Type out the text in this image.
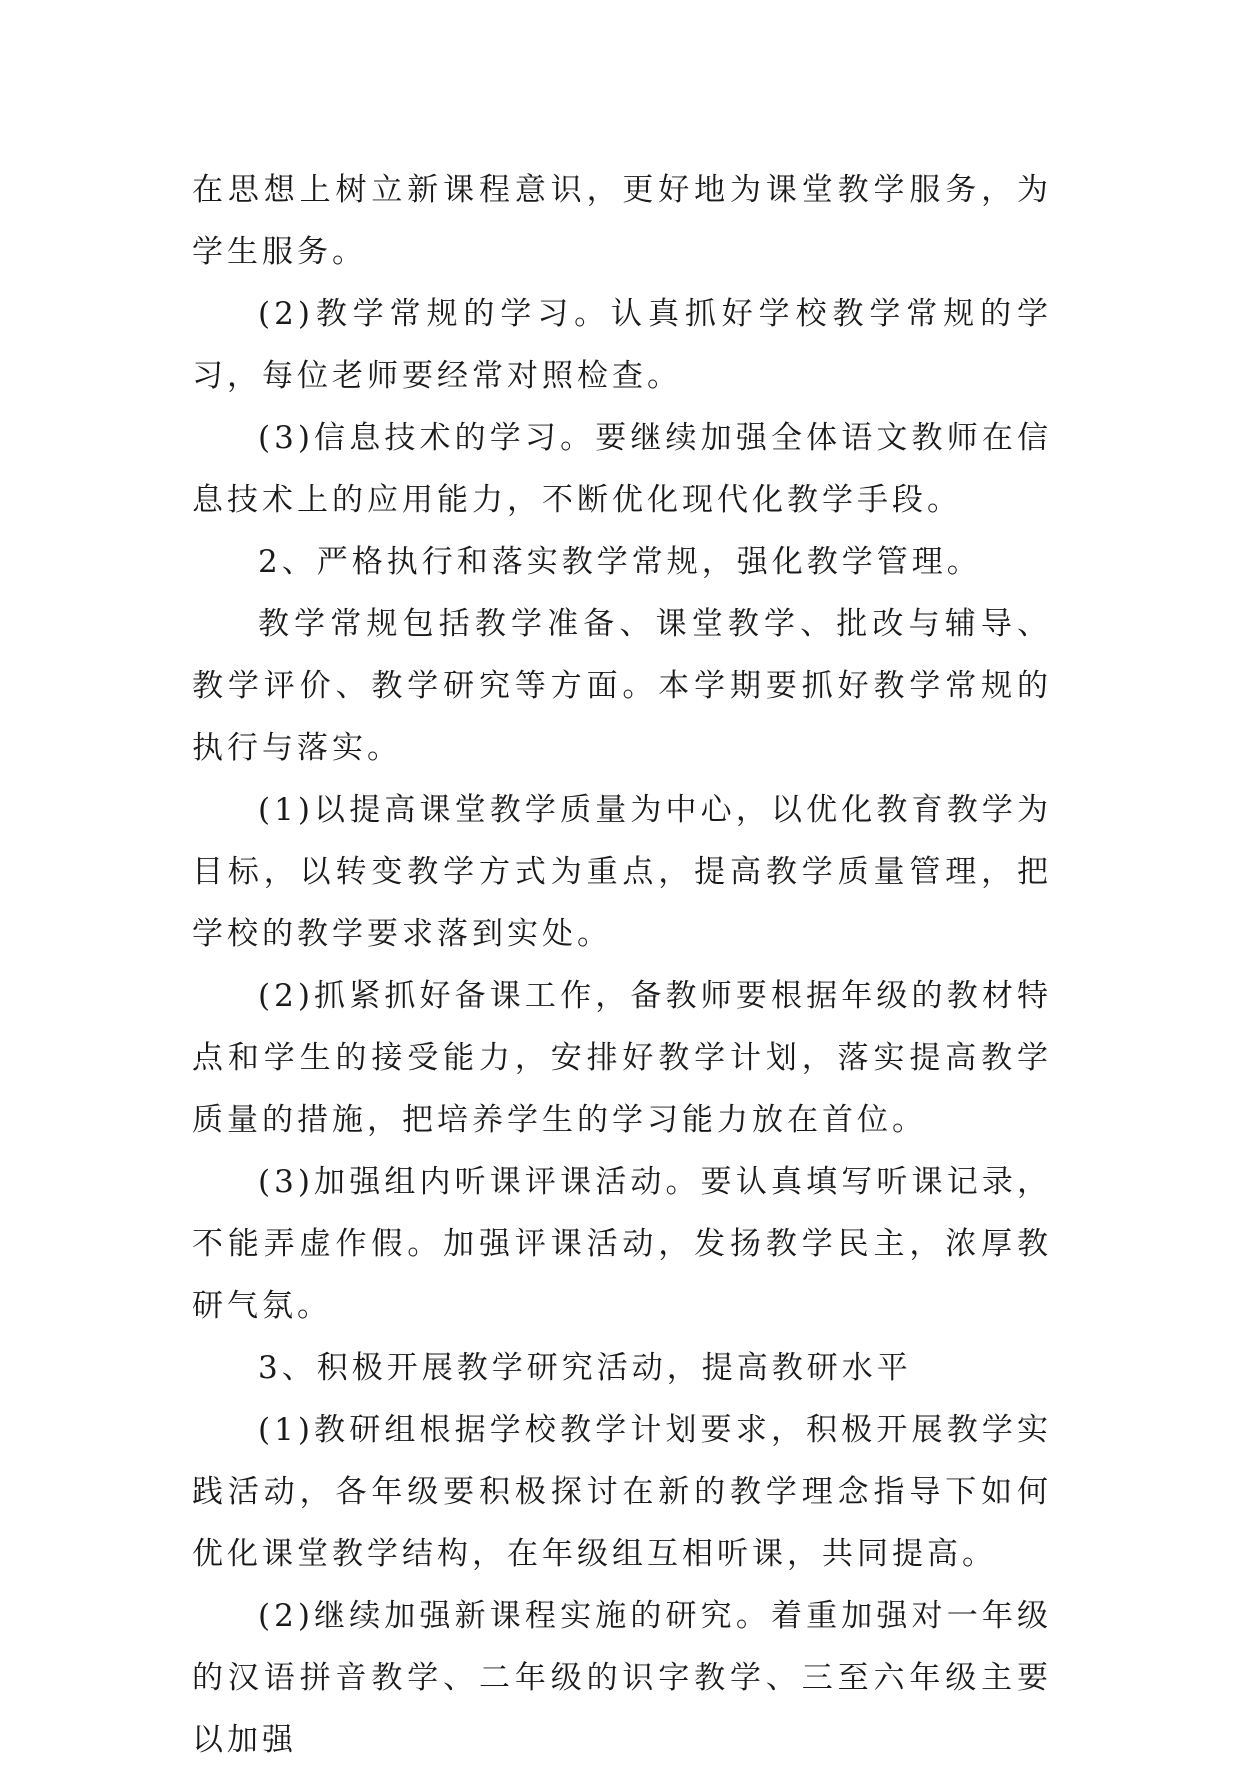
在思想上树立新课程意识，更好地为课堂教学服务，为学生服务。

(2)教学常规的学习。认真抓好学校教学常规的学习，每位老师要经常对照检查。

(3)信息技术的学习。要继续加强全体语文教师在信息技术上的应用能力，不断优化现代化教学手段。

2、严格执行和落实教学常规，强化教学管理。

教学常规包括教学准备、课堂教学、批改与辅导、教学评价、教学研究等方面。本学期要抓好教学常规的执行与落实。

(1)以提高课堂教学质量为中心，以优化教育教学为目标，以转变教学方式为重点，提高教学质量管理，把学校的教学要求落到实处。

(2)抓紧抓好备课工作，备教师要根据年级的教材特点和学生的接受能力，安排好教学计划，落实提高教学质量的措施，把培养学生的学习能力放在首位。

(3)加强组内听课评课活动。要认真填写听课记录，不能弄虚作假。加强评课活动，发扬教学民主，浓厚教研气氛。

3、积极开展教学研究活动，提高教研水平

(1)教研组根据学校教学计划要求，积极开展教学实践活动，各年级要积极探讨在新的教学理念指导下如何优化课堂教学结构，在年级组互相听课，共同提高。

(2)继续加强新课程实施的研究。着重加强对一年级的汉语拼音教学、二年级的识字教学、三至六年级主要以加强
